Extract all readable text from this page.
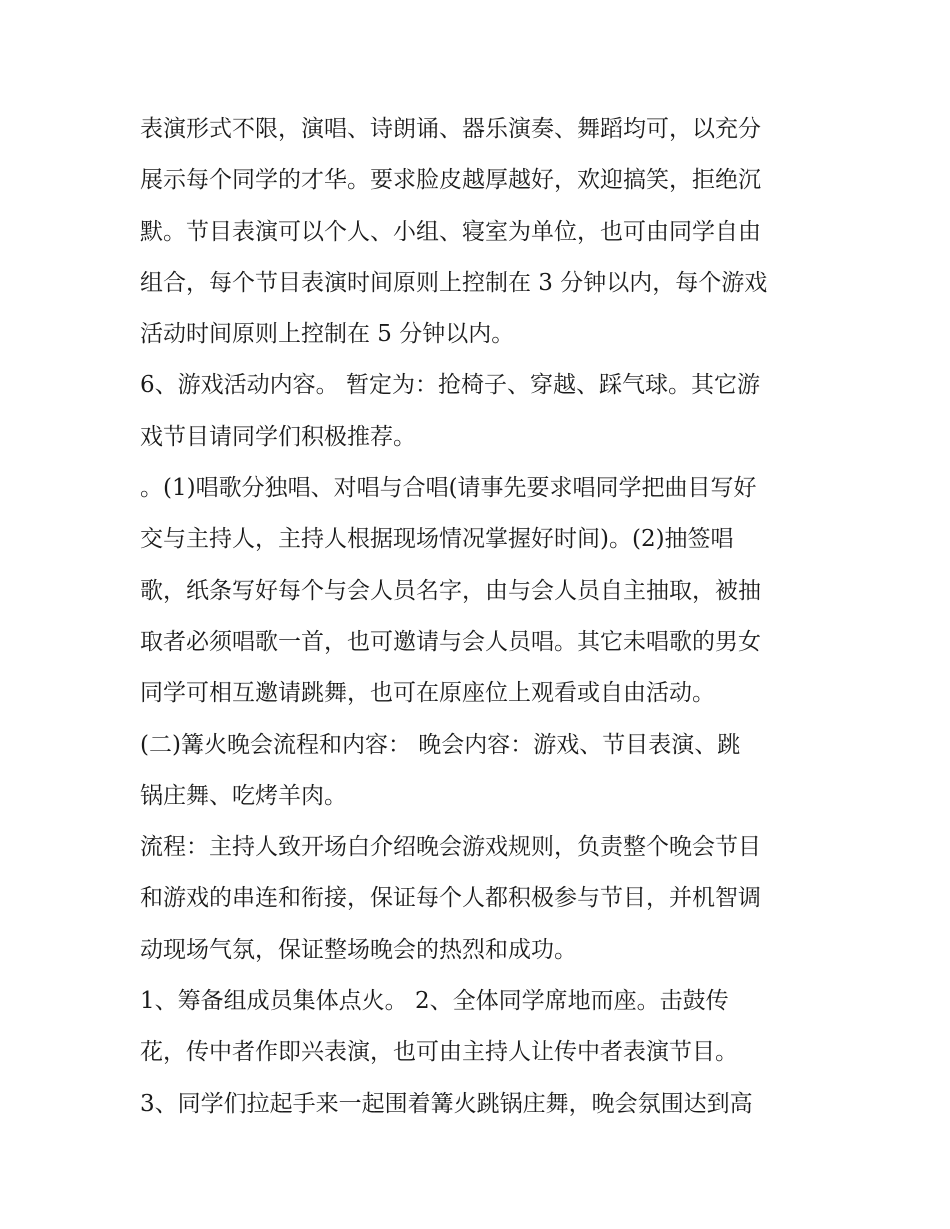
表演形式不限，演唱、诗朗诵、器乐演奏、舞蹈均可，以充分
展示每个同学的才华。要求脸皮越厚越好，欢迎搞笑，拒绝沉
默。节目表演可以个人、小组、寝室为单位，也可由同学自由
组合，每个节目表演时间原则上控制在 3 分钟以内，每个游戏
活动时间原则上控制在 5 分钟以内。
6、游戏活动内容。 暂定为：抢椅子、穿越、踩气球。其它游
戏节目请同学们积极推荐。
。(1)唱歌分独唱、对唱与合唱(请事先要求唱同学把曲目写好
交与主持人，主持人根据现场情况掌握好时间)。(2)抽签唱
歌，纸条写好每个与会人员名字，由与会人员自主抽取，被抽
取者必须唱歌一首，也可邀请与会人员唱。其它未唱歌的男女
同学可相互邀请跳舞，也可在原座位上观看或自由活动。
(二)篝火晚会流程和内容： 晚会内容：游戏、节目表演、跳
锅庄舞、吃烤羊肉。
流程：主持人致开场白介绍晚会游戏规则，负责整个晚会节目
和游戏的串连和衔接，保证每个人都积极参与节目，并机智调
动现场气氛，保证整场晚会的热烈和成功。
1、筹备组成员集体点火。 2、全体同学席地而座。击鼓传
花，传中者作即兴表演，也可由主持人让传中者表演节目。
3、同学们拉起手来一起围着篝火跳锅庄舞，晚会氛围达到高
